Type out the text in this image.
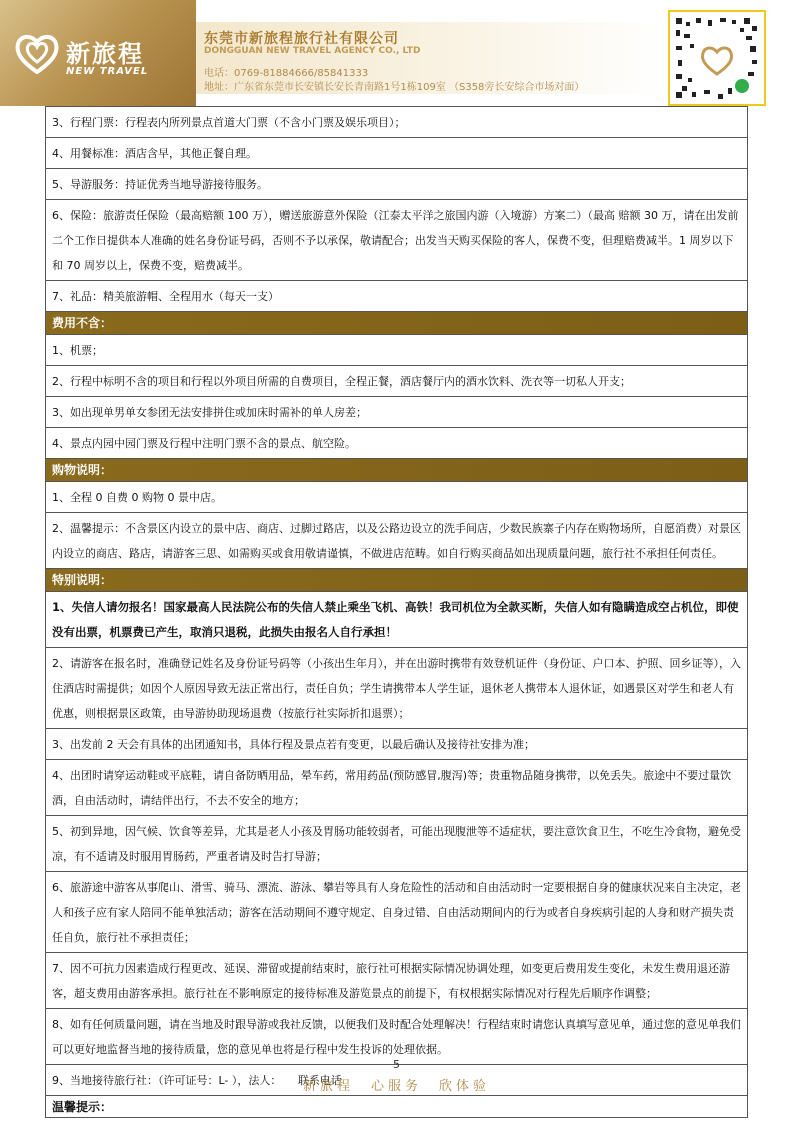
新旅程
NEW TRAVEL
东莞市新旅程旅行社有限公司
DONGGUAN NEW TRAVEL AGENCY CO., LTD
电话：0769-81884666/85841333
地址：广东省东莞市长安镇长安长青南路1号1栋109室 （S358旁长安综合市场对面）
3、行程门票：行程表内所列景点首道大门票（不含小门票及娱乐项目）；
4、用餐标准：酒店含早，其他正餐自理。
5、导游服务：持证优秀当地导游接待服务。
6、保险：旅游责任保险（最高赔额 100 万），赠送旅游意外保险（江泰太平洋之旅国内游（入境游）方案二）（最高 赔额 30 万，请在出发前二个工作日提供本人准确的姓名身份证号码，否则不予以承保，敬请配合；出发当天购买保险的客人，保费不变，但理赔费减半。1 周岁以下和 70 周岁以上，保费不变，赔费减半。
7、礼品：精美旅游帽、全程用水（每天一支）
费用不含：
1、机票；
2、行程中标明不含的项目和行程以外项目所需的自费项目，全程正餐，酒店餐厅内的酒水饮料、洗衣等一切私人开支；
3、如出现单男单女参团无法安排拼住或加床时需补的单人房差；
4、景点内园中园门票及行程中注明门票不含的景点、航空险。
购物说明：
1、全程 0 自费 0 购物 0 景中店。
2、温馨提示：不含景区内设立的景中店、商店、过脚过路店，以及公路边设立的洗手间店，少数民族寨子内存在购物场所，自愿消费）对景区内设立的商店、路店，请游客三思、如需购买或食用敬请谨慎，不做进店范畴。如自行购买商品如出现质量问题，旅行社不承担任何责任。
特别说明：
1、失信人请勿报名！国家最高人民法院公布的失信人禁止乘坐飞机、高铁！我司机位为全款买断，失信人如有隐瞒造成空占机位，即使没有出票，机票费已产生，取消只退税，此损失由报名人自行承担！
2、请游客在报名时，准确登记姓名及身份证号码等（小孩出生年月），并在出游时携带有效登机证件（身份证、户口本、护照、回乡证等），入住酒店时需提供；如因个人原因导致无法正常出行，责任自负；学生请携带本人学生证，退休老人携带本人退休证，如遇景区对学生和老人有优惠，则根据景区政策，由导游协助现场退费（按旅行社实际折扣退票）；
3、出发前 2 天会有具体的出团通知书，具体行程及景点若有变更，以最后确认及接待社安排为准；
4、出团时请穿运动鞋或平底鞋，请自备防晒用品，晕车药，常用药品(预防感冒,腹泻)等；贵重物品随身携带，以免丢失。旅途中不要过量饮酒，自由活动时，请结伴出行，不去不安全的地方；
5、初到异地，因气候、饮食等差异，尤其是老人小孩及胃肠功能较弱者，可能出现腹泄等不适症状，要注意饮食卫生，不吃生冷食物，避免受凉，有不适请及时服用胃肠药，严重者请及时告打导游；
6、旅游途中游客从事爬山、滑雪、骑马、漂流、游泳、攀岩等具有人身危险性的活动和自由活动时一定要根据自身的健康状况来自主决定，老人和孩子应有家人陪同不能单独活动；游客在活动期间不遵守规定、自身过错、自由活动期间内的行为或者自身疾病引起的人身和财产损失责任自负，旅行社不承担责任；
7、因不可抗力因素造成行程更改、延误、滞留或提前结束时，旅行社可根据实际情况协调处理，如变更后费用发生变化，未发生费用退还游客，超支费用由游客承担。旅行社在不影响原定的接待标准及游览景点的前提下，有权根据实际情况对行程先后顺序作调整；
8、如有任何质量问题，请在当地及时跟导游或我社反馈，以便我们及时配合处理解决！行程结束时请您认真填写意见单，通过您的意见单我们可以更好地监督当地的接待质量，您的意见单也将是行程中发生投诉的处理依据。
9、当地接待旅行社：（许可证号：L- ），法人：　　联系电话
温馨提示：
5
新旅程　心服务　欣体验
